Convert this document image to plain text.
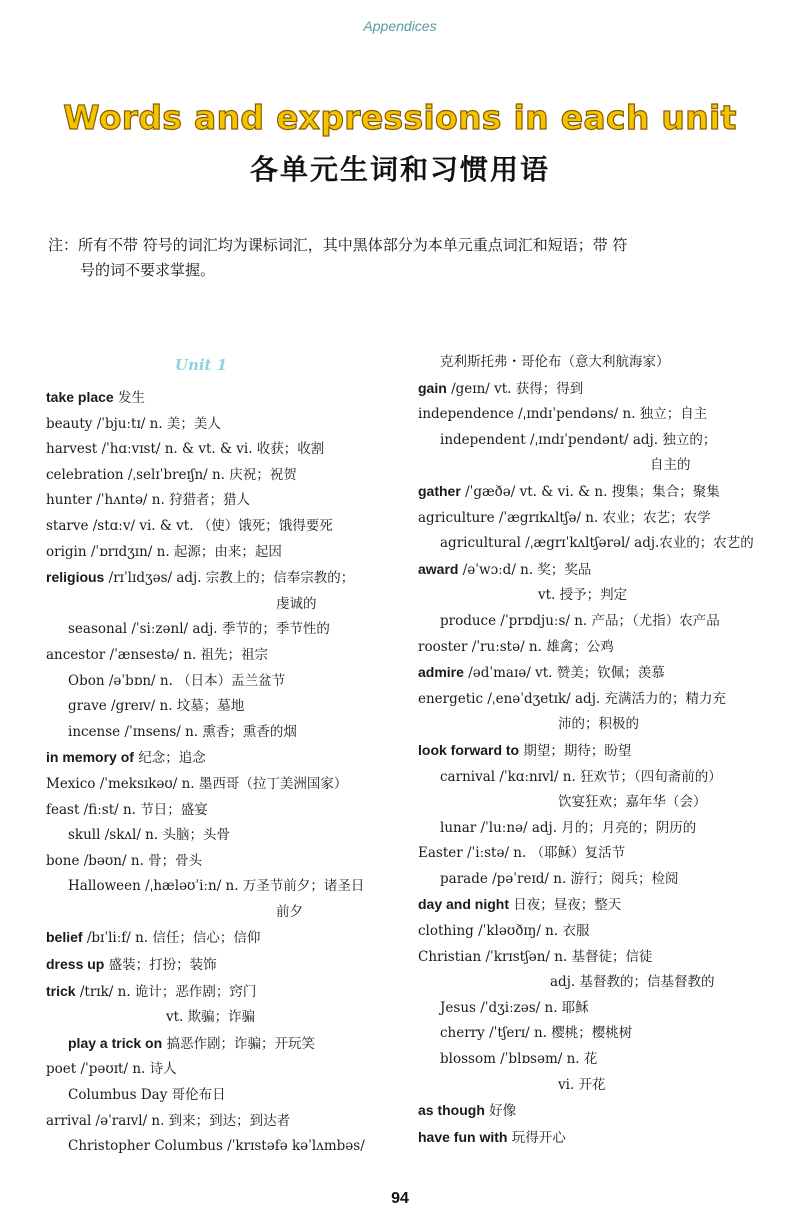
Appendices
Words and expressions in each unit
各单元生词和习惯用语
注：所有不带 符号的词汇均为课标词汇，其中黑体部分为本单元重点词汇和短语；带 符
号的词不要求掌握。
Unit 1
take place 发生
beauty /ˈbjuːtɪ/ n. 美；美人
harvest /ˈhɑːvɪst/ n. & vt. & vi. 收获；收割
celebration /ˌselɪˈbreɪʃn/ n. 庆祝；祝贺
hunter /ˈhʌntə/ n. 狩猎者；猎人
starve /stɑːv/ vi. & vt. （使）饿死；饿得要死
origin /ˈɒrɪdʒɪn/ n. 起源；由来；起因
religious /rɪˈlɪdʒəs/ adj. 宗教上的；信奉宗教的；
虔诚的
seasonal /ˈsiːzənl/ adj. 季节的；季节性的
ancestor /ˈænsestə/ n. 祖先；祖宗
Obon /əˈbɒn/ n. （日本）盂兰盆节
grave /greɪv/ n. 坟墓；墓地
incense /ˈɪnsens/ n. 熏香；熏香的烟
in memory of 纪念；追念
Mexico /ˈmeksɪkəʊ/ n. 墨西哥（拉丁美洲国家）
feast /fiːst/ n. 节日；盛宴
skull /skʌl/ n. 头脑；头骨
bone /bəʊn/ n. 骨；骨头
Halloween /ˌhæləʊˈiːn/ n. 万圣节前夕；诸圣日
前夕
belief /bɪˈliːf/ n. 信任；信心；信仰
dress up 盛装；打扮；装饰
trick /trɪk/ n. 诡计；恶作剧；窍门
vt. 欺骗；诈骗
play a trick on 搞恶作剧；诈骗；开玩笑
poet /ˈpəʊɪt/ n. 诗人
Columbus Day 哥伦布日
arrival /əˈraɪvl/ n. 到来；到达；到达者
Christopher Columbus /ˈkrɪstəfə kəˈlʌmbəs/
克利斯托弗・哥伦布（意大利航海家）
gain /geɪn/ vt. 获得；得到
independence /ˌɪndɪˈpendəns/ n. 独立；自主
independent /ˌɪndɪˈpendənt/ adj. 独立的；
自主的
gather /ˈgæðə/ vt. & vi. & n. 搜集；集合；聚集
agriculture /ˈægrɪkʌltʃə/ n. 农业；农艺；农学
agricultural /ˌægrɪˈkʌltʃərəl/ adj.农业的；农艺的
award /əˈwɔːd/ n. 奖；奖品
vt. 授予；判定
produce /ˈprɒdjuːs/ n. 产品；（尤指）农产品
rooster /ˈruːstə/ n. 雄禽；公鸡
admire /ədˈmaɪə/ vt. 赞美；钦佩；羡慕
energetic /ˌenəˈdʒetɪk/ adj. 充满活力的；精力充
沛的；积极的
look forward to 期望；期待；盼望
carnival /ˈkɑːnɪvl/ n. 狂欢节；（四旬斋前的）
饮宴狂欢；嘉年华（会）
lunar /ˈluːnə/ adj. 月的；月亮的；阴历的
Easter /ˈiːstə/ n. （耶稣）复活节
parade /pəˈreɪd/ n. 游行；阅兵；检阅
day and night 日夜；昼夜；整天
clothing /ˈkləʊðɪŋ/ n. 衣服
Christian /ˈkrɪstʃən/ n. 基督徒；信徒
adj. 基督教的；信基督教的
Jesus /ˈdʒiːzəs/ n. 耶稣
cherry /ˈtʃerɪ/ n. 樱桃；樱桃树
blossom /ˈblɒsəm/ n. 花
vi. 开花
as though 好像
have fun with 玩得开心
94
